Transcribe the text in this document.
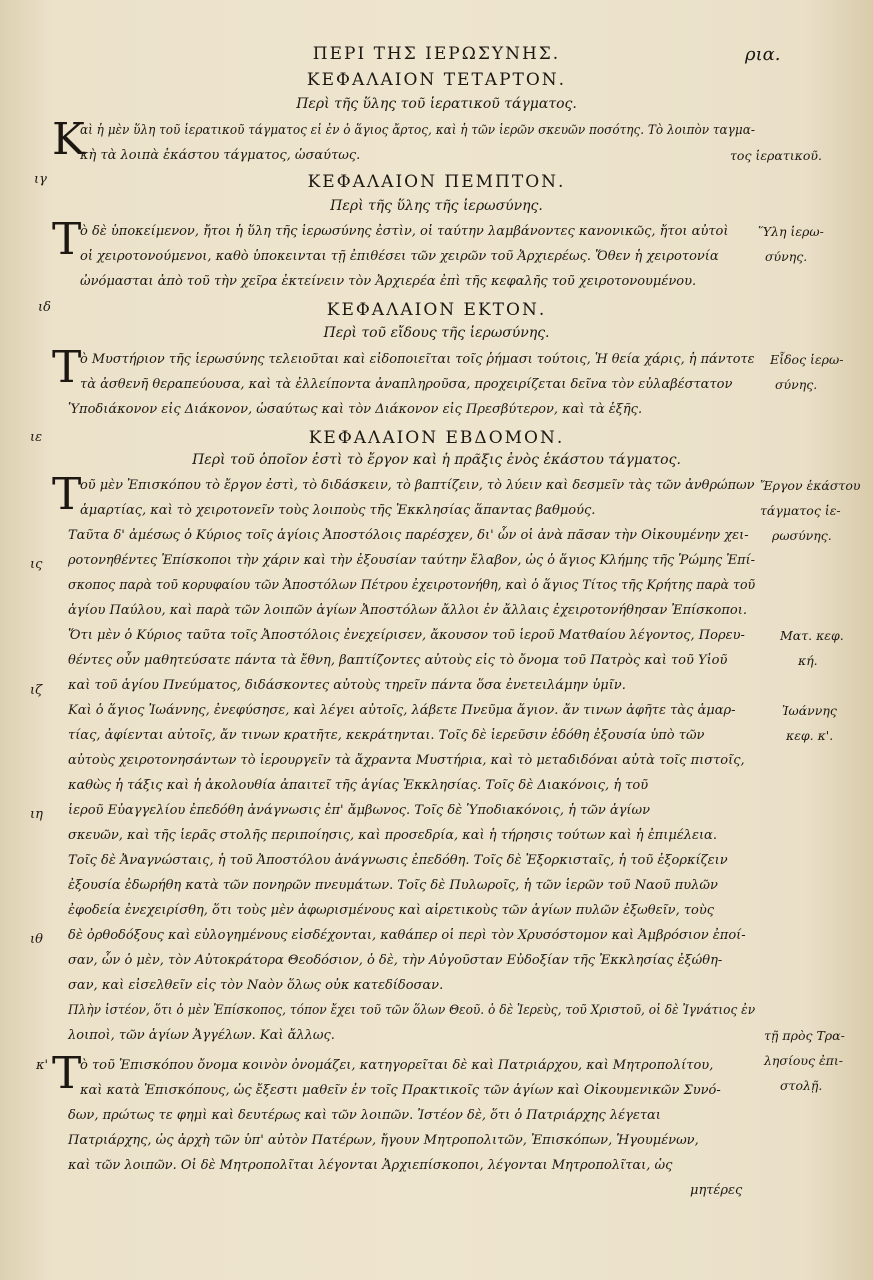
ΠΕΡΙ ΤΗΣ ΙΕΡΩΣΥΝΗΣ.	ρια.
ΚΕΦΑΛΑΙΟΝ ΤΕΤΑΡΤΟΝ.
Περὶ τῆς ὕλης τοῦ ἱερατικοῦ τάγματος.
K
αὶ ἡ μὲν ὕλη τοῦ ἱερατικοῦ τάγματος εἰ ἐν ὁ ἅγιος ἄρτος, καὶ ἡ τῶν ἱερῶν σκευῶν ποσότης. Τὸ λοιπὸν ταγμα-
κὴ τὰ λοιπὰ ἑκάστου τάγματος, ὡσαύτως.	τος ἱερατικοῦ.
ιγ	ΚΕΦΑΛΑΙΟΝ ΠΕΜΠΤΟΝ.
Περὶ τῆς ὕλης τῆς ἱερωσύνης.
T
ὸ δὲ ὑποκείμενον, ἤτοι ἡ ὕλη τῆς ἱερωσύνης ἐστὶν, οἱ ταύτην λαμβάνοντες κανονικῶς, ἤτοι αὐτοὶ Ὕλη ἱερω-
οἱ χειροτονούμενοι, καθὸ ὑποκεινται τῇ ἐπιθέσει τῶν χειρῶν τοῦ Ἀρχιερέως. Ὅθεν ἡ χειροτονία	σύνης.
ὠνόμασται ἀπὸ τοῦ τὴν χεῖρα ἐκτείνειν τὸν Ἀρχιερέα ἐπὶ τῆς κεφαλῆς τοῦ χειροτονουμένου.
ιδ	ΚΕΦΑΛΑΙΟΝ ΕΚΤΟΝ.
Περὶ τοῦ εἴδους τῆς ἱερωσύνης.
T
ὸ Μυστήριον τῆς ἱερωσύνης τελειοῦται καὶ εἰδοποιεῖται τοῖς ῥήμασι τούτοις, Ἡ θεία χάρις, ἡ πάντοτε Εἶδος ἱερω-
τὰ ἀσθενῆ θεραπεύουσα, καὶ τὰ ἐλλείποντα ἀναπληροῦσα, προχειρίζεται δεῖνα τὸν εὐλαβέστατον	σύνης.
Ὑποδιάκονον εἰς Διάκονον, ὡσαύτως καὶ τὸν Διάκονον εἰς Πρεσβύτερον, καὶ τὰ ἑξῆς.
ιε	ΚΕΦΑΛΑΙΟΝ ΕΒΔΟΜΟΝ.
Περὶ τοῦ ὁποῖον ἐστὶ τὸ ἔργον καὶ ἡ πρᾶξις ἑνὸς ἑκάστου τάγματος.
T
οῦ μὲν Ἐπισκόπου τὸ ἔργον ἐστὶ, τὸ διδάσκειν, τὸ βαπτίζειν, τὸ λύειν καὶ δεσμεῖν τὰς τῶν ἀνθρώπων
ἁμαρτίας, καὶ τὸ χειροτονεῖν τοὺς λοιποὺς τῆς Ἐκκλησίας ἅπαντας βαθμούς.
Ταῦτα δ' ἀμέσως ὁ Κύριος τοῖς ἁγίοις Ἀποστόλοις παρέσχεν, δι' ὧν οἱ ἀνὰ πᾶσαν τὴν Οἰκουμένην χει-
ροτονηθέντες Ἐπίσκοποι τὴν χάριν καὶ τὴν ἐξουσίαν ταύτην ἔλαβον, ὡς ὁ ἅγιος Κλήμης τῆς Ῥώμης Ἐπί-
ις
σκοπος παρὰ τοῦ κορυφαίου τῶν Ἀποστόλων Πέτρου ἐχειροτονήθη, καὶ ὁ ἅγιος Τίτος τῆς Κρήτης παρὰ τοῦ
ἁγίου Παύλου, καὶ παρὰ τῶν λοιπῶν ἁγίων Ἀποστόλων ἄλλοι ἐν ἄλλαις ἐχειροτονήθησαν Ἐπίσκοποι.
Ὅτι μὲν ὁ Κύριος ταῦτα τοῖς Ἀποστόλοις ἐνεχείρισεν, ἄκουσον τοῦ ἱεροῦ Ματθαίου λέγοντος, Πορευ-
θέντες οὖν μαθητεύσατε πάντα τὰ ἔθνη, βαπτίζοντες αὐτοὺς εἰς τὸ ὄνομα τοῦ Πατρὸς καὶ τοῦ Υἱοῦ
καὶ τοῦ ἁγίου Πνεύματος, διδάσκοντες αὐτοὺς τηρεῖν πάντα ὅσα ἐνετειλάμην ὑμῖν.
ιζ
Καὶ ὁ ἅγιος Ἰωάννης, ἐνεφύσησε, καὶ λέγει αὐτοῖς, λάβετε Πνεῦμα ἅγιον. ἄν τινων ἀφῆτε τὰς ἁμαρ-
τίας, ἀφίενται αὐτοῖς, ἄν τινων κρατῆτε, κεκράτηνται. Τοῖς δὲ ἱερεῦσιν ἐδόθη ἐξουσία ὑπὸ τῶν
αὐτοὺς χειροτονησάντων τὸ ἱερουργεῖν τὰ ἄχραντα Μυστήρια, καὶ τὸ μεταδιδόναι αὐτὰ τοῖς πιστοῖς,
καθὼς ἡ τάξις καὶ ἡ ἀκολουθία ἀπαιτεῖ τῆς ἁγίας Ἐκκλησίας. Τοῖς δὲ Διακόνοις, ἡ τοῦ
ἱεροῦ Εὐαγγελίου ἐπεδόθη ἀνάγνωσις ἐπ' ἄμβωνος. Τοῖς δὲ Ὑποδιακόνοις, ἡ τῶν ἁγίων
ιη
σκευῶν, καὶ τῆς ἱερᾶς στολῆς περιποίησις, καὶ προσεδρία, καὶ ἡ τήρησις τούτων καὶ ἡ ἐπιμέλεια.
Τοῖς δὲ Ἀναγνώσταις, ἡ τοῦ Ἀποστόλου ἀνάγνωσις ἐπεδόθη. Τοῖς δὲ Ἐξορκισταῖς, ἡ τοῦ ἐξορκίζειν
ἐξουσία ἐδωρήθη κατὰ τῶν πονηρῶν πνευμάτων. Τοῖς δὲ Πυλωροῖς, ἡ τῶν ἱερῶν τοῦ Ναοῦ πυλῶν
ἐφοδεία ἐνεχειρίσθη, ὅτι τοὺς μὲν ἀφωρισμένους καὶ αἱρετικοὺς τῶν ἁγίων πυλῶν ἐξωθεῖν, τοὺς
δὲ ὀρθοδόξους καὶ εὐλογημένους εἰσδέχονται, καθάπερ οἱ περὶ τὸν Χρυσόστομον καὶ Ἀμβρόσιον ἐποί-
ιθ
σαν, ὧν ὁ μὲν, τὸν Αὐτοκράτορα Θεοδόσιον, ὁ δὲ, τὴν Αὐγοῦσταν Εὐδοξίαν τῆς Ἐκκλησίας ἐξώθη-
σαν, καὶ εἰσελθεῖν εἰς τὸν Ναὸν ὅλως οὐκ κατεδίδοσαν.
Πλὴν ἰστέον, ὅτι ὁ μὲν Ἐπίσκοπος, τόπον ἔχει τοῦ τῶν ὅλων Θεοῦ. ὁ δὲ Ἱερεὺς, τοῦ Χριστοῦ, οἱ δὲ Ἰγνάτιος ἐν
λοιποὶ, τῶν ἁγίων Ἀγγέλων. Καὶ ἄλλως.
T
κ' ὸ τοῦ Ἐπισκόπου ὄνομα κοινὸν ὀνομάζει, κατηγορεῖται δὲ καὶ Πατριάρχου, καὶ Μητροπολίτου,
καὶ κατὰ Ἐπισκόπους, ὡς ἔξεστι μαθεῖν ἐν τοῖς Πρακτικοῖς τῶν ἁγίων καὶ Οἰκουμενικῶν Συνό-
δων, πρώτως τε φημὶ καὶ δευτέρως καὶ τῶν λοιπῶν. Ἰστέον δὲ, ὅτι ὁ Πατριάρχης λέγεται
Πατριάρχης, ὡς ἀρχὴ τῶν ὑπ' αὐτὸν Πατέρων, ἤγουν Μητροπολιτῶν, Ἐπισκόπων, Ἡγουμένων,
καὶ τῶν λοιπῶν. Οἱ δὲ Μητροπολῖται λέγονται Ἀρχιεπίσκοποι, λέγονται Μητροπολῖται, ὡς
μητέρες
Ἔργον ἑκάστου
τάγματος ἱε-
ρωσύνης.
Ματ. κεφ.
κή.
Ἰωάννης
κεφ. κ'.
τῇ πρὸς Τρα-
λησίους ἐπι-
στολῇ.
